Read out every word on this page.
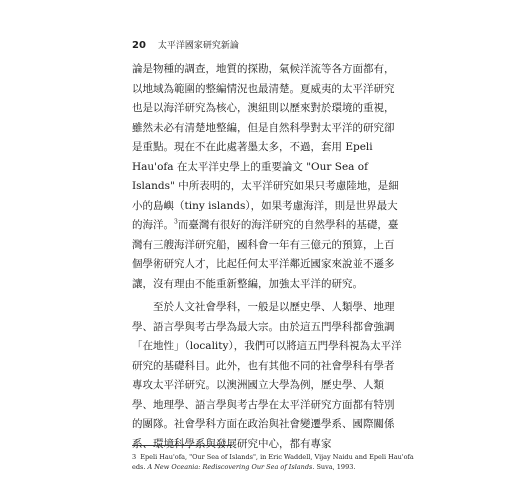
20 太平洋國家研究新論

論是物種的調查，地質的探勘，氣候洋流等各方面都有，以地域為範圍的整編情況也最清楚。夏威夷的太平洋研究也是以海洋研究為核心，澳紐則以歷來對於環境的重視，雖然未必有清楚地整編，但是自然科學對太平洋的研究卻是重點。現在不在此處著墨太多，不過，套用 Epeli Hau'ofa 在太平洋史學上的重要論文 "Our Sea of Islands" 中所表明的，太平洋研究如果只考慮陸地，是細小的島嶼（tiny islands），如果考慮海洋，則是世界最大的海洋。$^3$而臺灣有很好的海洋研究的自然學科的基礎，臺灣有三艘海洋研究船，國科會一年有三億元的預算，上百個學術研究人才，比起任何太平洋鄰近國家來說並不遜多讓，沒有理由不能重新整編，加強太平洋的研究。

至於人文社會學科，一般是以歷史學、人類學、地理學、語言學與考古學為最大宗。由於這五門學科都會強調「在地性」（locality），我們可以將這五門學科視為太平洋研究的基礎科目。此外，也有其他不同的社會學科有學者專攻太平洋研究。以澳洲國立大學為例，歷史學、人類學、地理學、語言學與考古學在太平洋研究方面都有特別的團隊。社會學科方面在政治與社會變遷學系、國際關係系、環境科學系與發展研究中心，都有專家

3 Epeli Hau'ofa, "Our Sea of Islands", in Eric Waddell, Vijay Naidu and Epeli Hau'ofa eds. A New Oceania: Rediscovering Our Sea of Islands. Suva, 1993.
